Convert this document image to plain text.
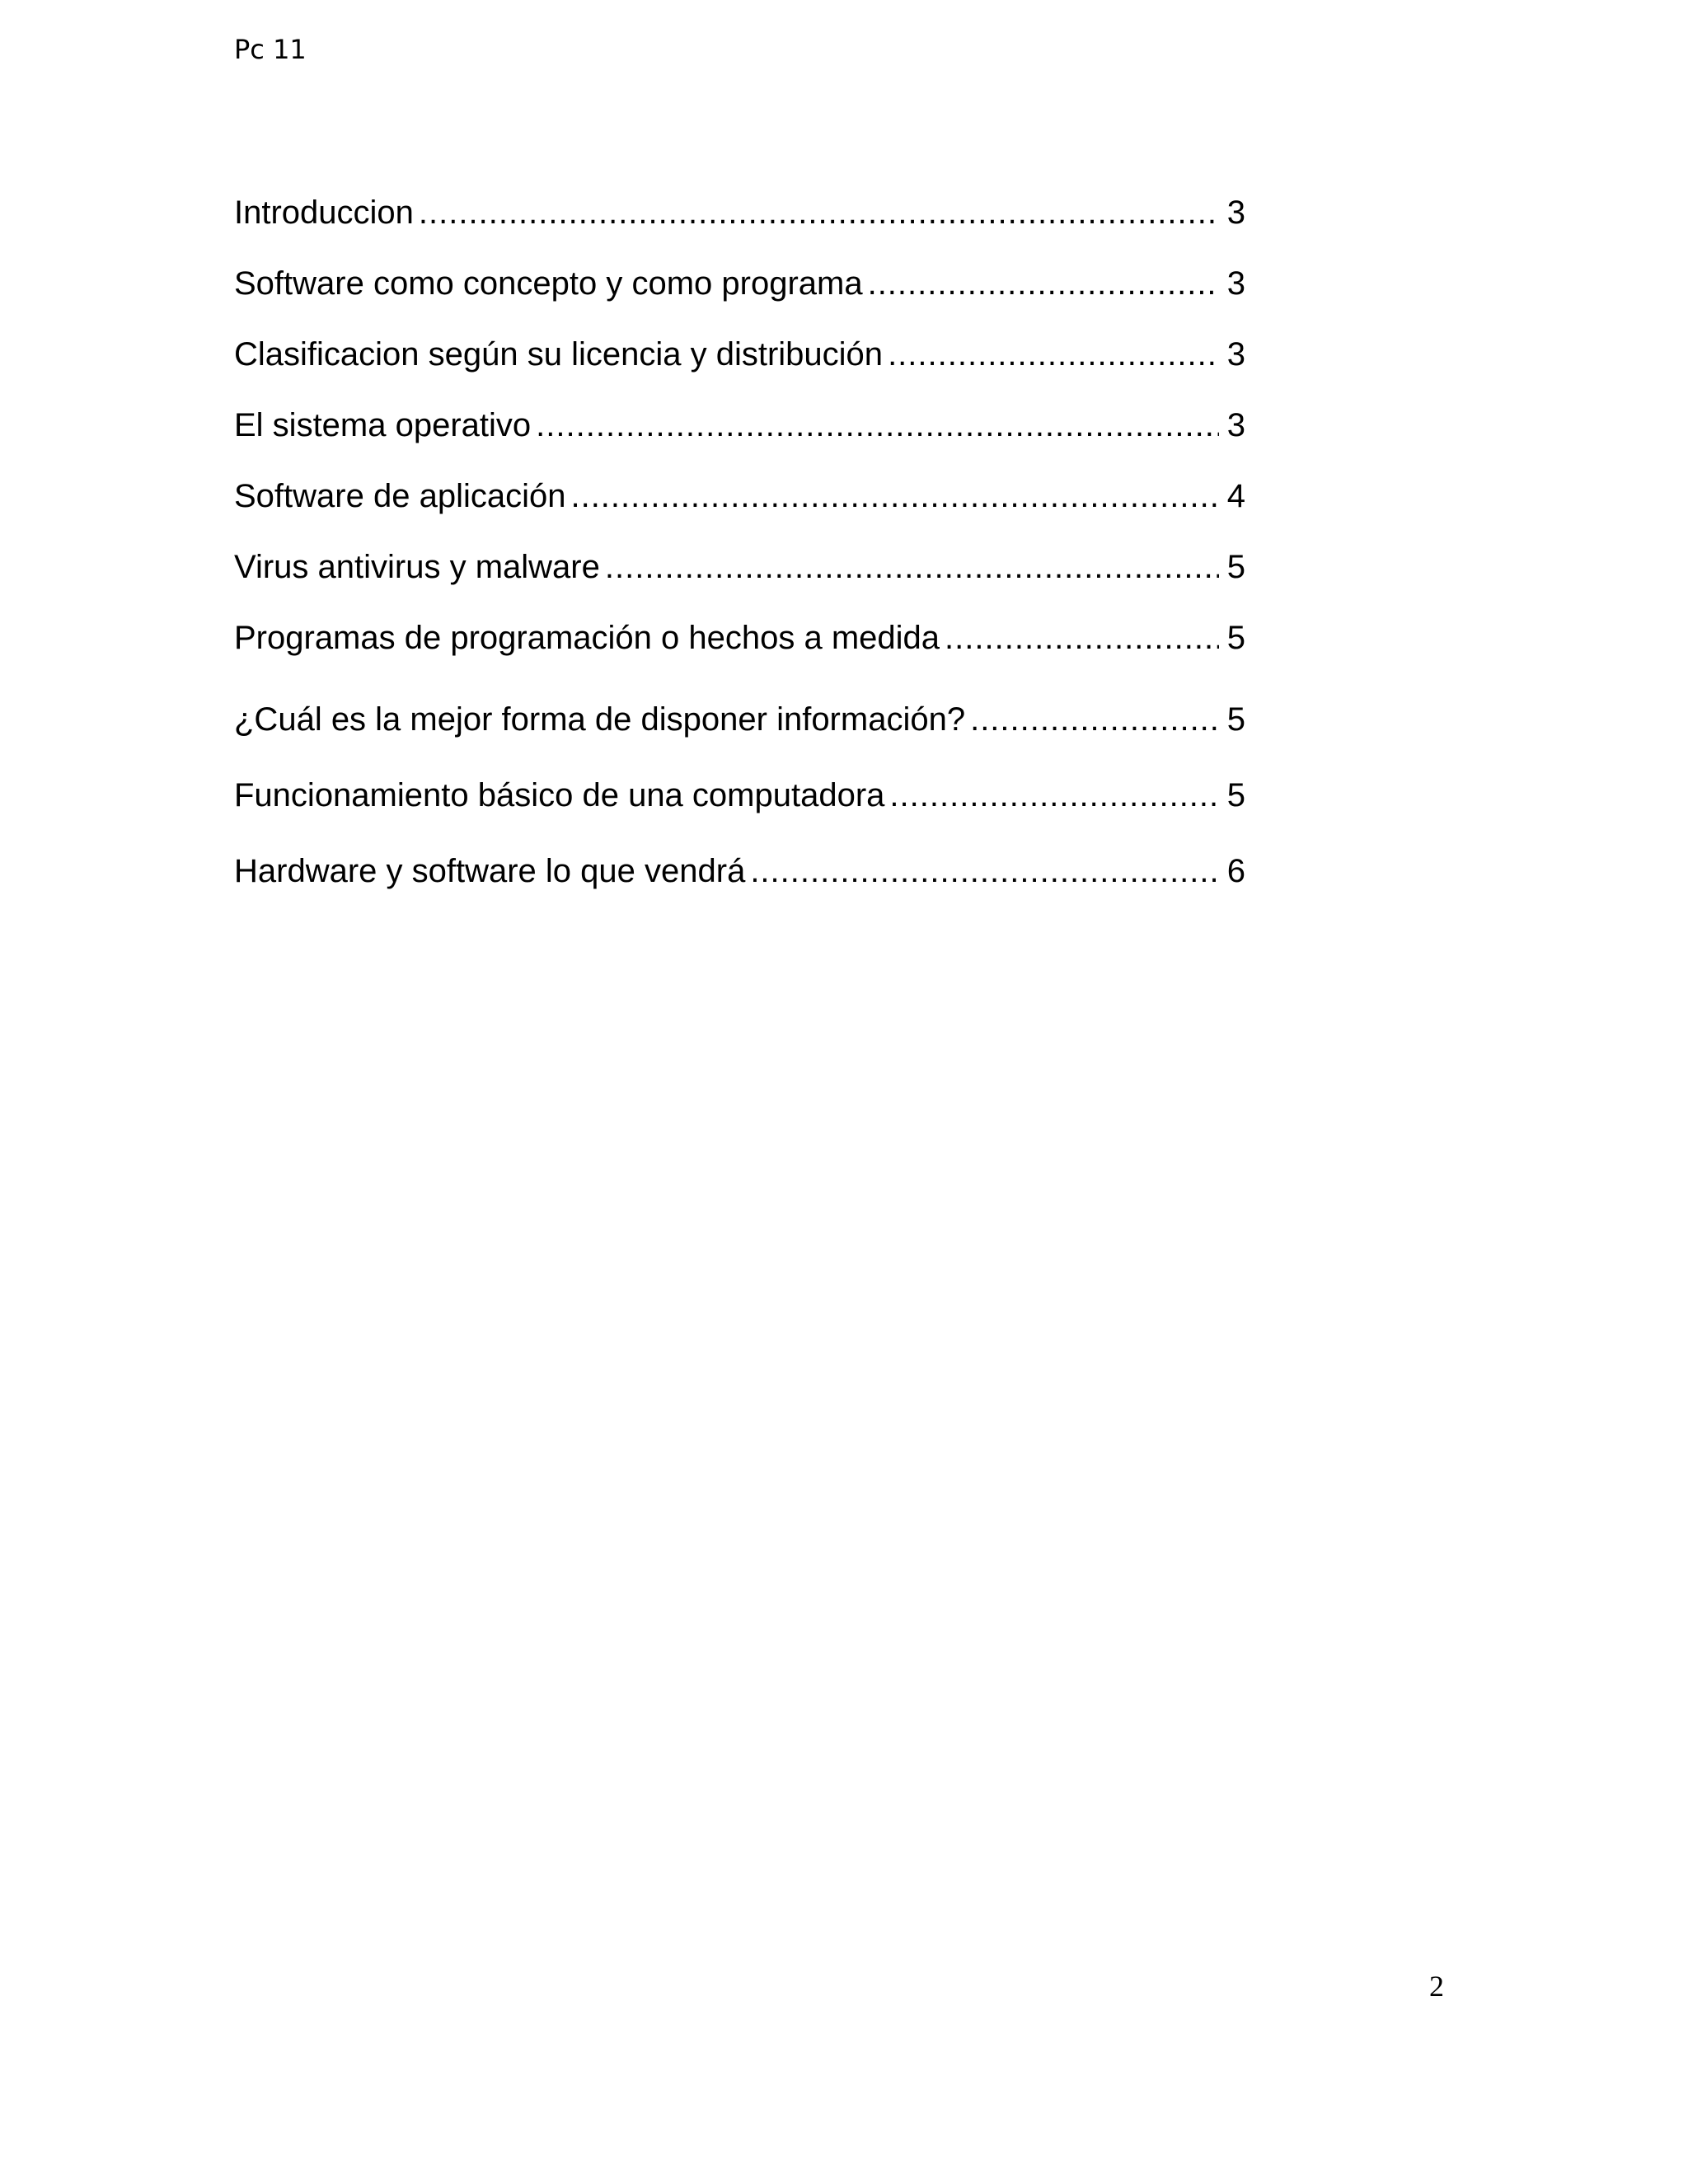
Pc 11
Introduccion .....	3
Software como concepto y como programa .....	3
Clasificacion según su licencia y distribución .....	3
El sistema operativo .....	3
Software de aplicación .....	4
Virus antivirus y malware .....	5
Programas de programación o hechos a medida .....	5
¿Cuál es la mejor forma de disponer información? .....	5
Funcionamiento básico de una computadora .....	5
Hardware y software lo que vendrá .....	6
2
